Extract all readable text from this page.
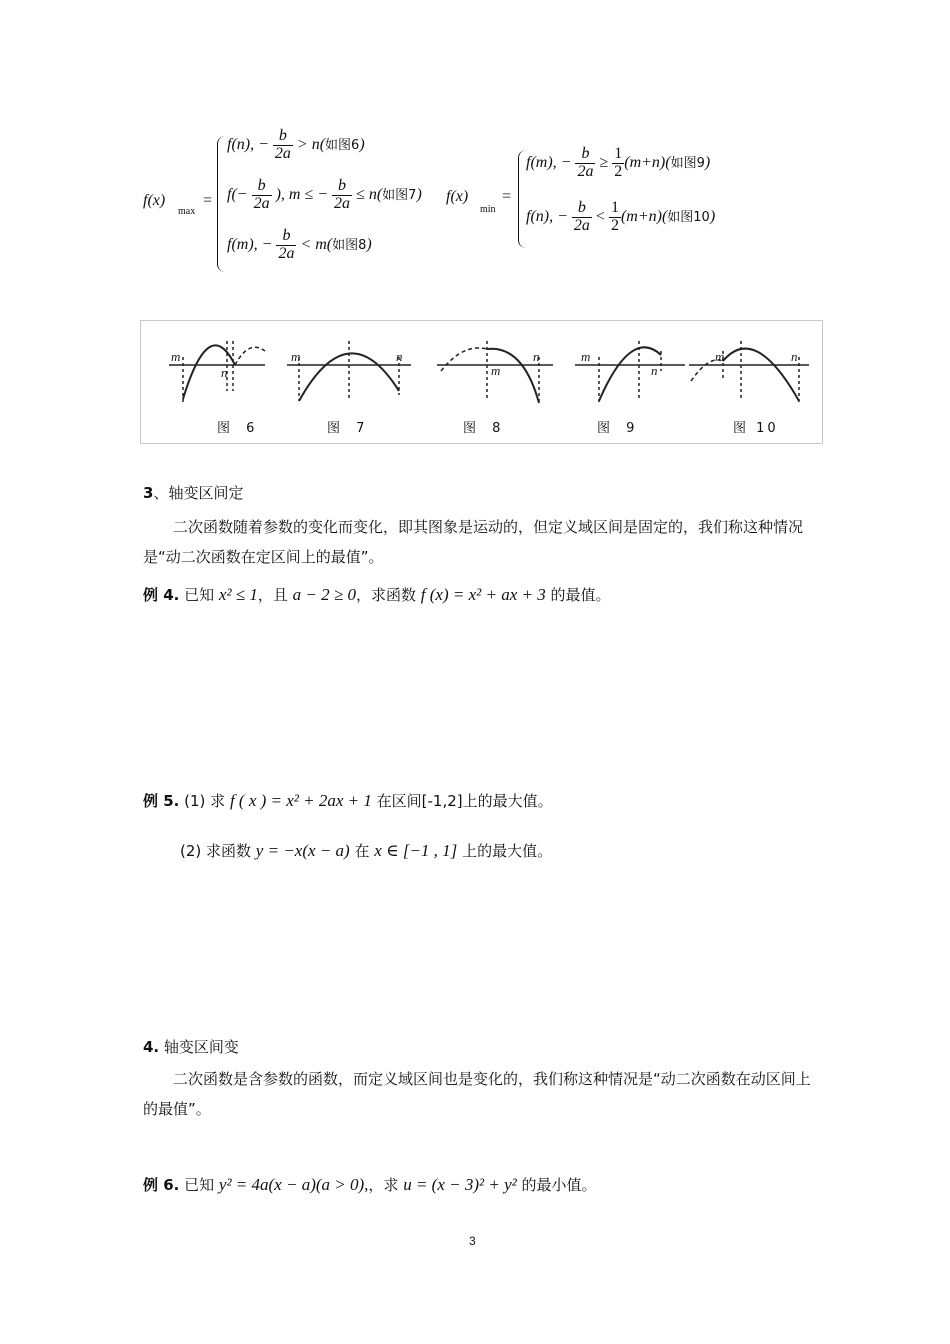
f(x)
max
=
f(n), − $\frac{b}{2a} > n$(如图6)
$f(- \frac{b}{2a}$ ), m ≤ − $\frac{b}{2a} \le n$(如图7)
f(m), − $\frac{b}{2a} < m$(如图8)
f(x)
min
=
f(m), − $\frac{b}{2a} \ge \frac{1}{2} (m+n)$(如图9)
f(n), − $\frac{b}{2a} < \frac{1}{2} (m+n)$(如图10)
m
n
m	n
m
n	m
n
m	n
图 6	图 7	图 8	图 9	图 10
3、轴变区间定
二次函数随着参数的变化而变化，即其图象是运动的，但定义域区间是固定的，我们称这种情况是“动二次函数在定区间上的最值”。
例 4. 已知 x² ≤ 1，且 a − 2 ≥ 0，求函数 f (x) = x² + ax + 3 的最值。
例 5. (1) 求 f ( x ) = x² + 2ax + 1 在区间[-1,2]上的最大值。
(2) 求函数 y = −x(x − a) 在 x ∈ [−1 , 1] 上的最大值。
4. 轴变区间变
二次函数是含参数的函数，而定义域区间也是变化的，我们称这种情况是“动二次函数在动区间上的最值”。
例 6. 已知 y² = 4a(x − a)(a > 0),，求 u = (x − 3)² + y² 的最小值。
3
